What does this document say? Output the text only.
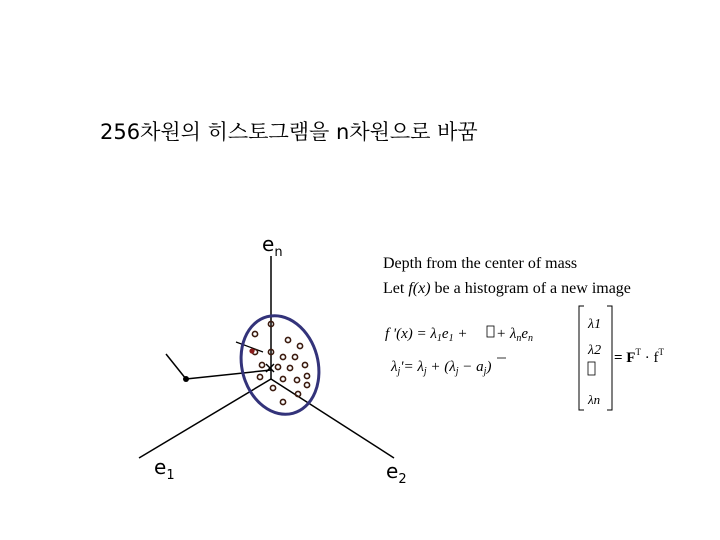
256차원의 히스토그램을 n차원으로 바꿈
Depth from the center of mass
Let f(x) be a histogram of a new image
$e_n$
$e_1$	$e_2$
f '$(x) = \lambda_1e_1$ + + $\lambda_ne_n$
$\lambda_j'= \lambda_j + (\lambda_j - a_j)$
λ1
λ2
λn
= $F^T \cdot f^T$
